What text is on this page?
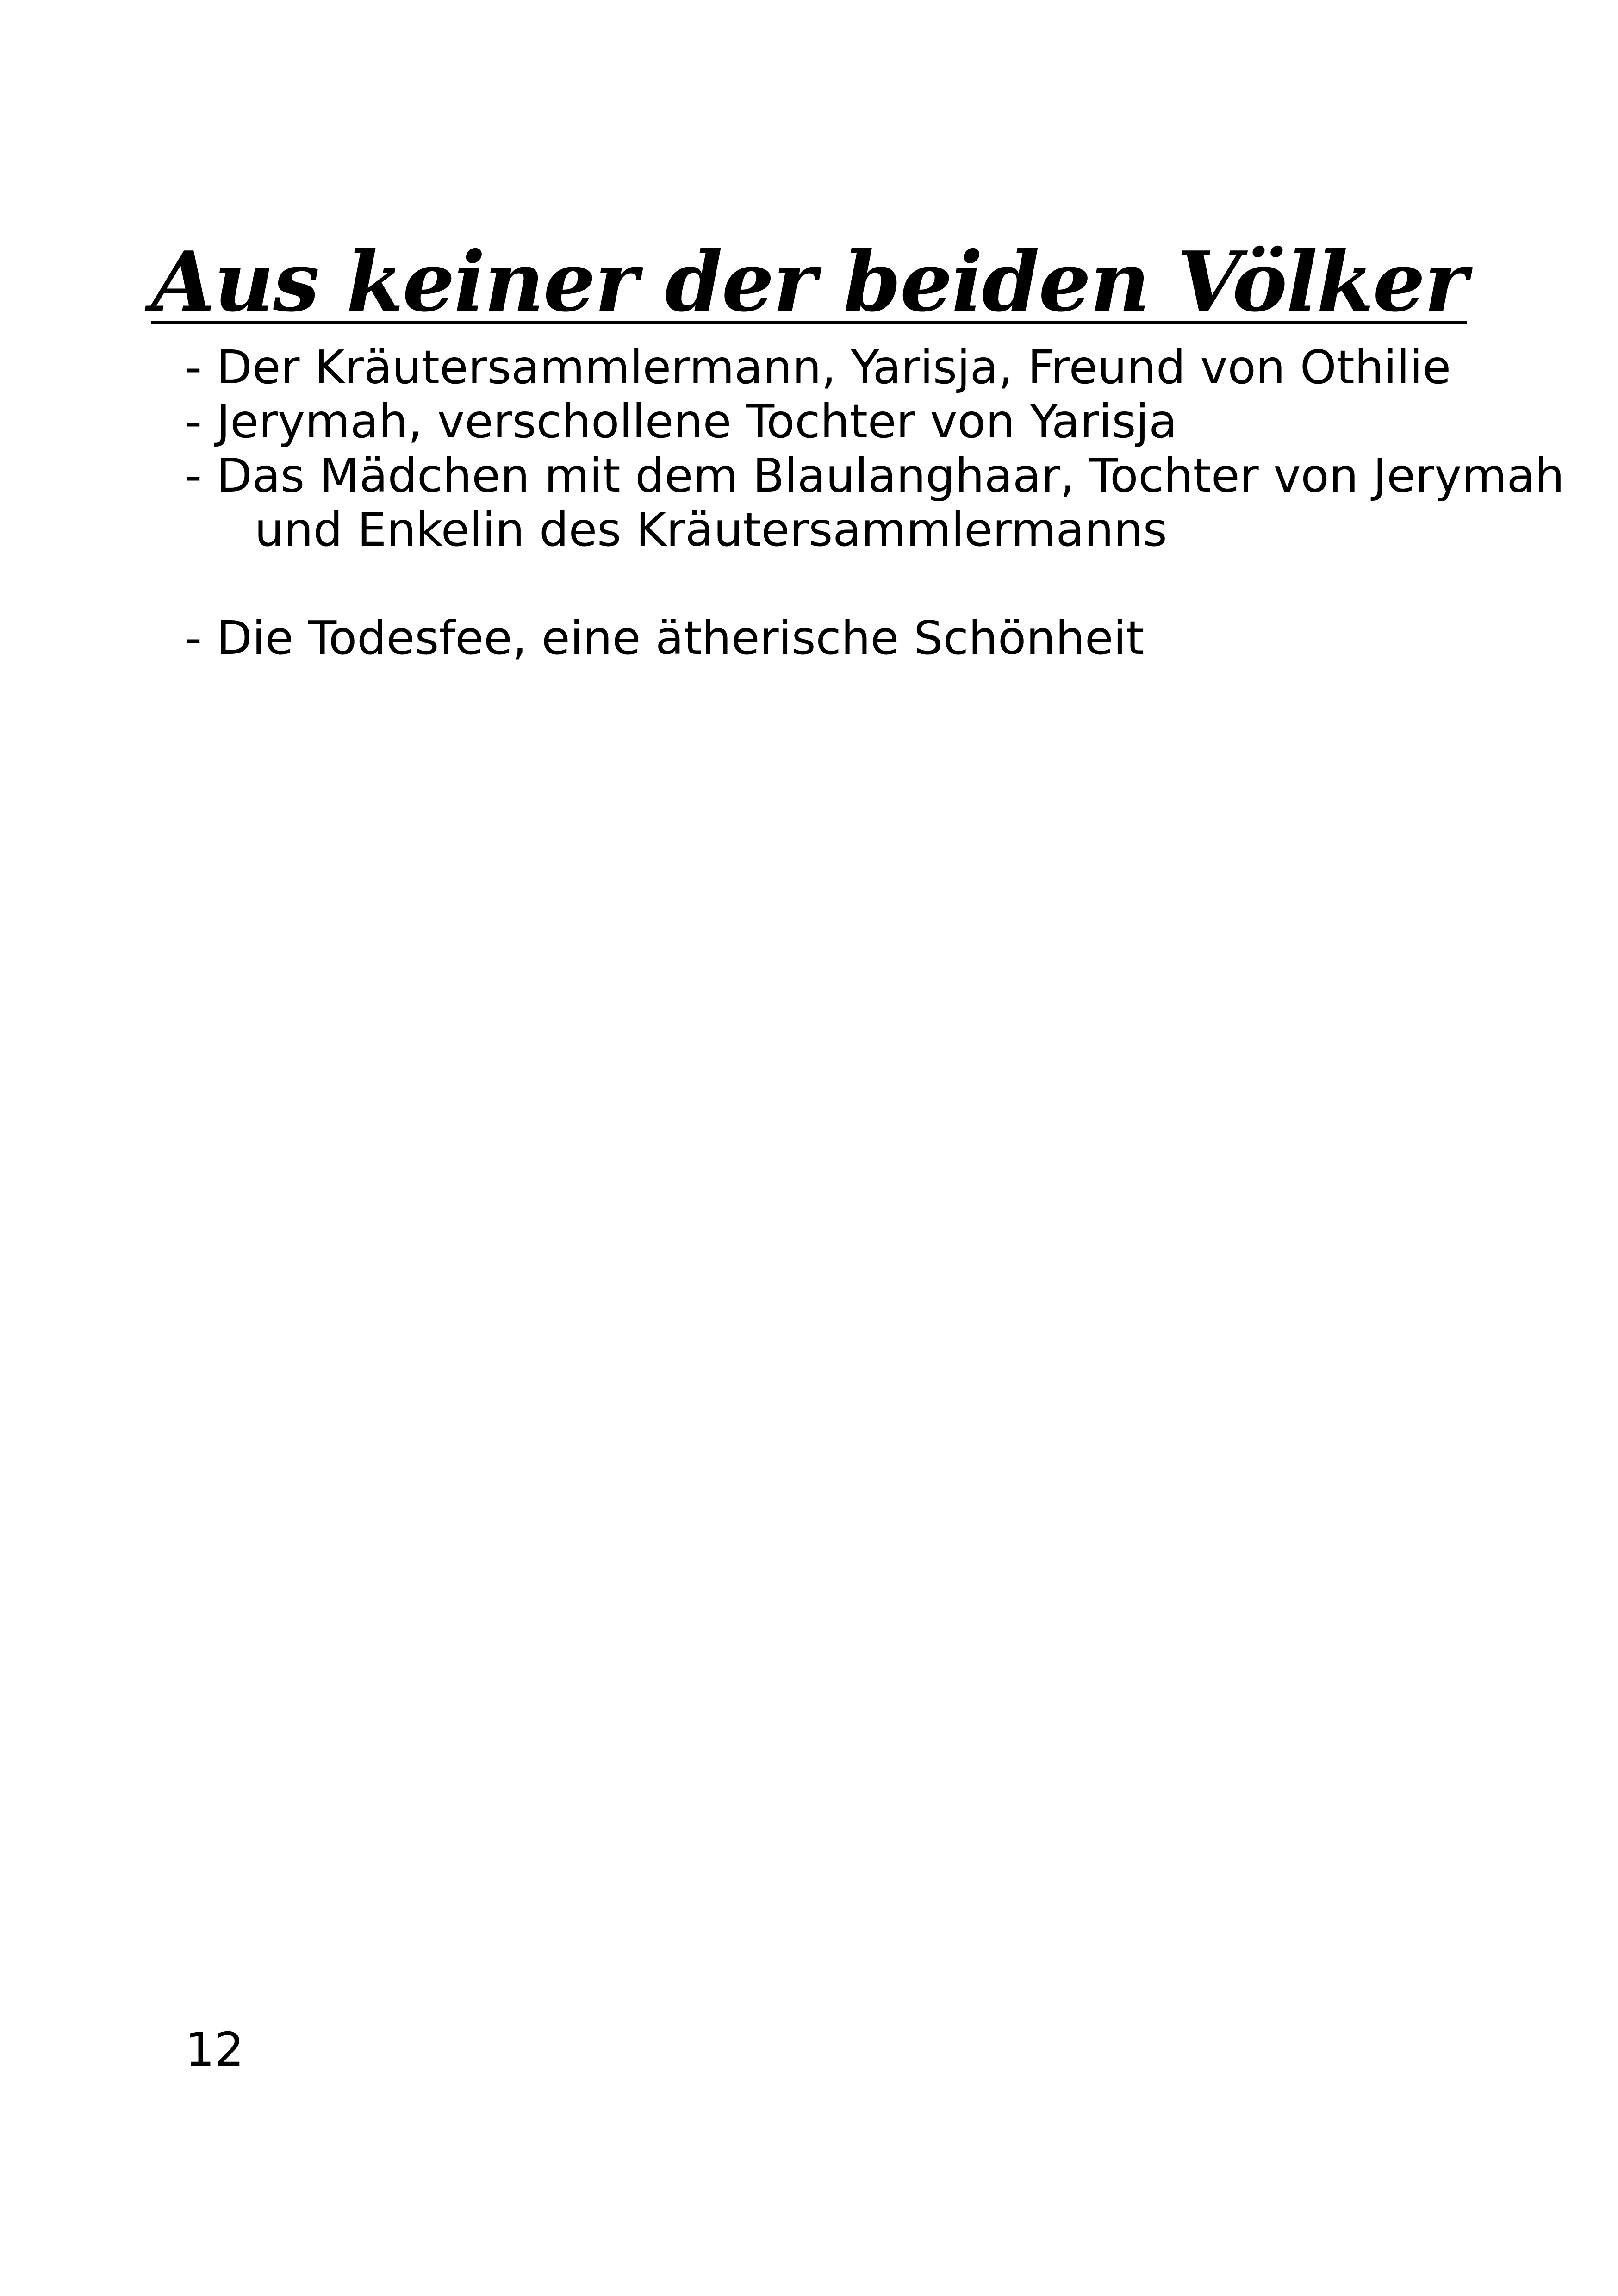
Aus keiner der beiden Völker
- Der Kräutersammlermann, Yarisja, Freund von Othilie
- Jerymah, verschollene Tochter von Yarisja
- Das Mädchen mit dem Blaulanghaar, Tochter von Jerymah
und Enkelin des Kräutersammlermanns
- Die Todesfee, eine ätherische Schönheit
12
